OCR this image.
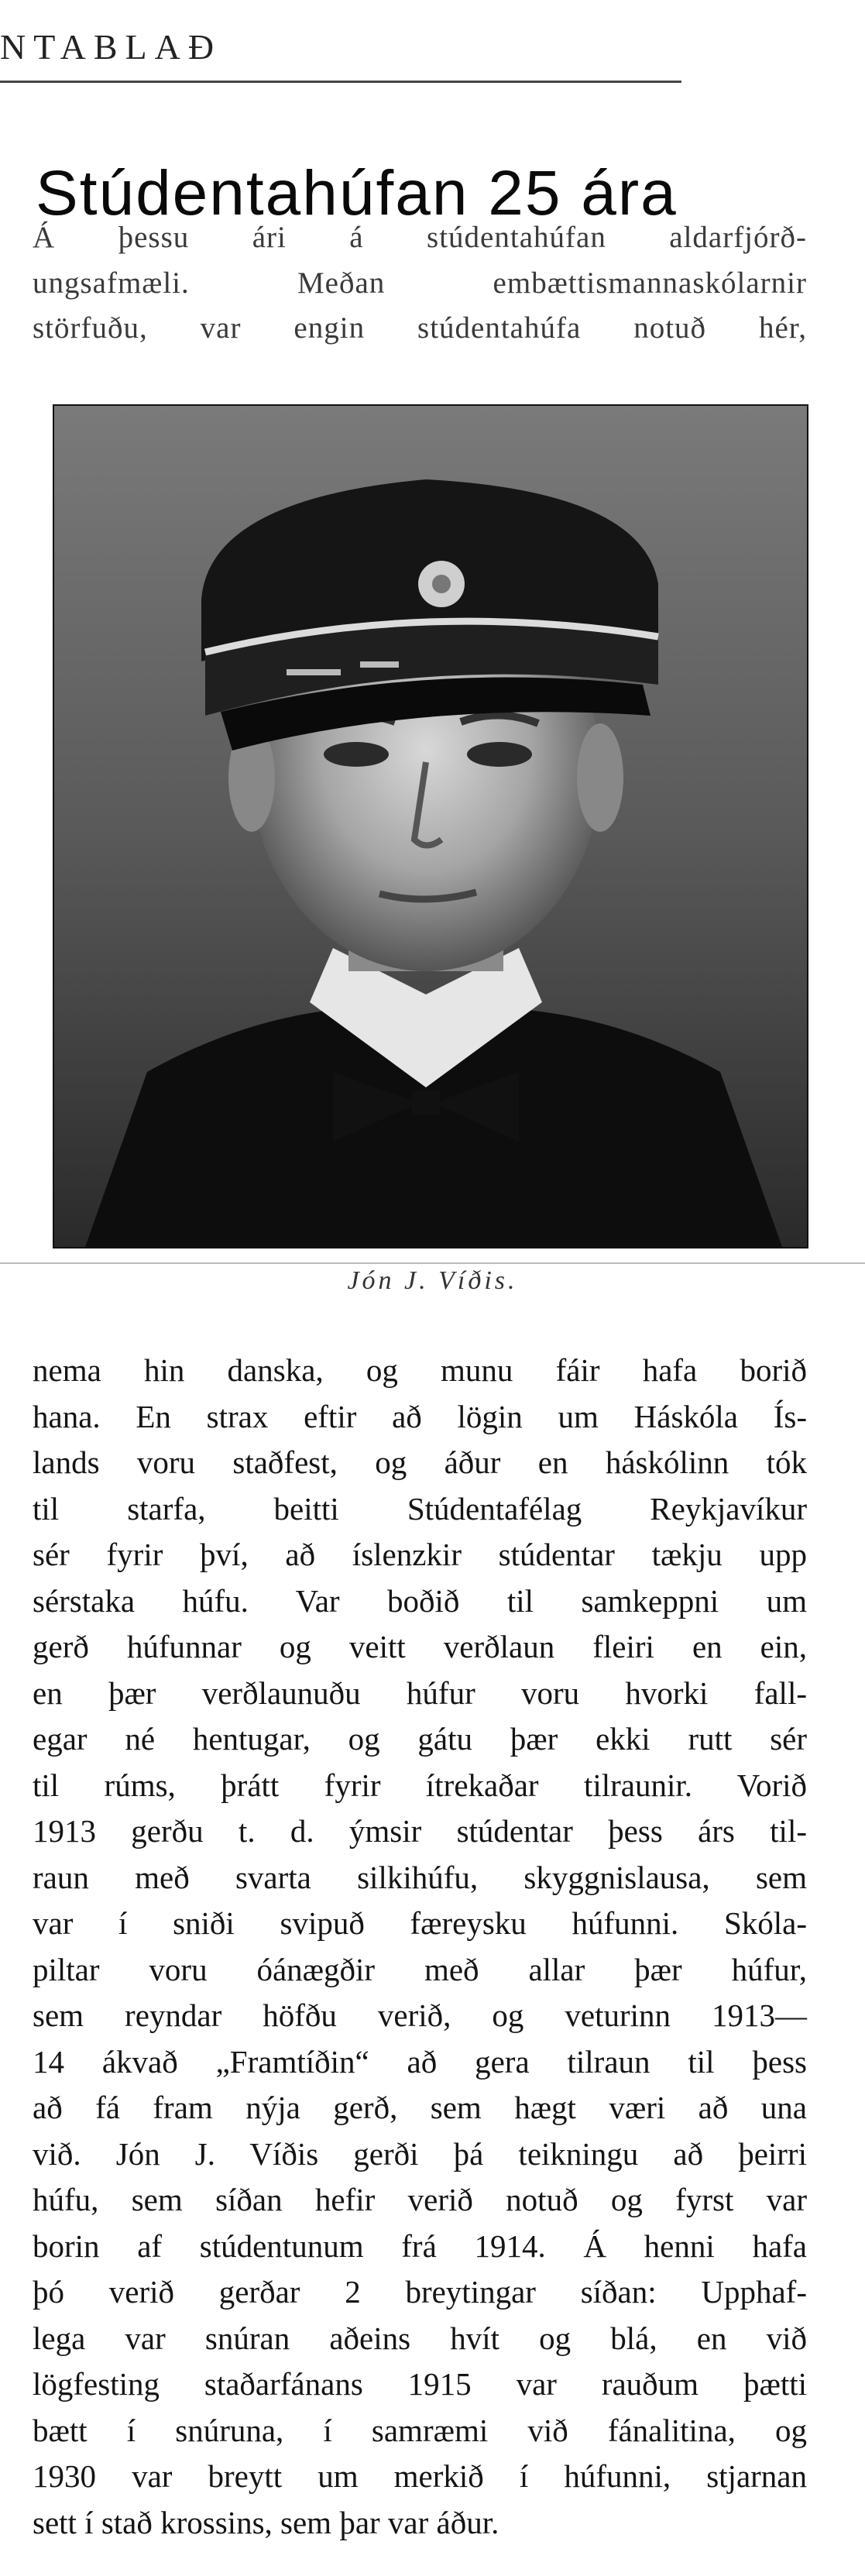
NTABLAÐ
Stúdentahúfan 25 ára
Á þessu ári á stúdentahúfan aldarfjórð-
ungsafmæli. Meðan embættismannaskólarnir
störfuðu, var engin stúdentahúfa notuð hér,
Jón J. Víðis.
nema hin danska, og munu fáir hafa borið
hana. En strax eftir að lögin um Háskóla Ís-
lands voru staðfest, og áður en háskólinn tók
til starfa, beitti Stúdentafélag Reykjavíkur
sér fyrir því, að íslenzkir stúdentar tækju upp
sérstaka húfu. Var boðið til samkeppni um
gerð húfunnar og veitt verðlaun fleiri en ein,
en þær verðlaunuðu húfur voru hvorki fall-
egar né hentugar, og gátu þær ekki rutt sér
til rúms, þrátt fyrir ítrekaðar tilraunir. Vorið
1913 gerðu t. d. ýmsir stúdentar þess árs til-
raun með svarta silkihúfu, skyggnislausa, sem
var í sniði svipuð færeysku húfunni. Skóla-
piltar voru óánægðir með allar þær húfur,
sem reyndar höfðu verið, og veturinn 1913—
14 ákvað „Framtíðin“ að gera tilraun til þess
að fá fram nýja gerð, sem hægt væri að una
við. Jón J. Víðis gerði þá teikningu að þeirri
húfu, sem síðan hefir verið notuð og fyrst var
borin af stúdentunum frá 1914. Á henni hafa
þó verið gerðar 2 breytingar síðan: Upphaf-
lega var snúran aðeins hvít og blá, en við
lögfesting staðarfánans 1915 var rauðum þætti
bætt í snúruna, í samræmi við fánalitina, og
1930 var breytt um merkið í húfunni, stjarnan
sett í stað krossins, sem þar var áður.
